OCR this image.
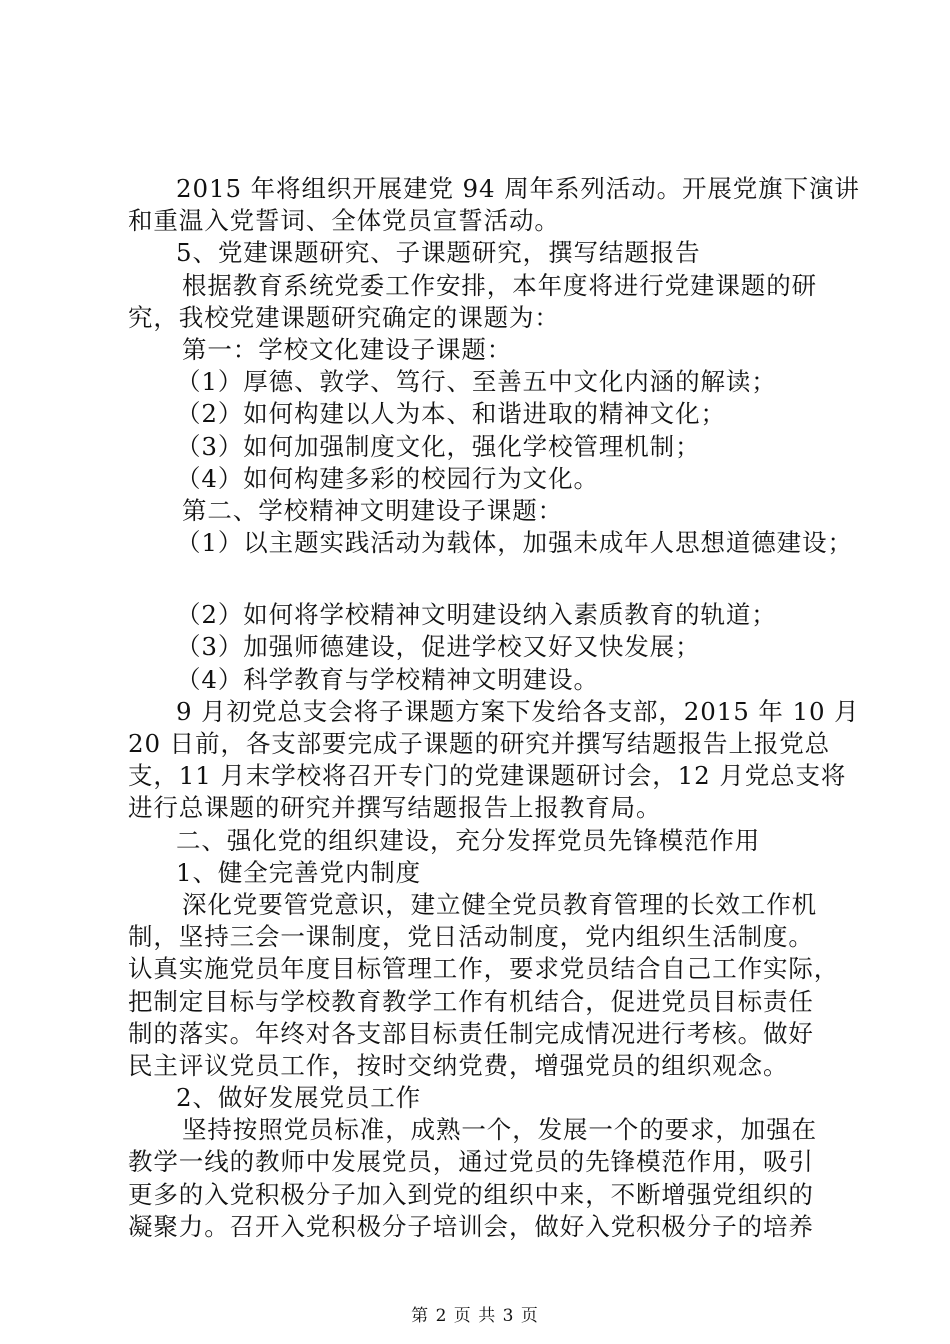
2015 年将组织开展建党 94 周年系列活动。开展党旗下演讲
和重温入党誓词、全体党员宣誓活动。
5、党建课题研究、子课题研究，撰写结题报告
根据教育系统党委工作安排，本年度将进行党建课题的研
究，我校党建课题研究确定的课题为：
第一：学校文化建设子课题：
（1）厚德、敦学、笃行、至善五中文化内涵的解读；
（2）如何构建以人为本、和谐进取的精神文化；
（3）如何加强制度文化，强化学校管理机制；
（4）如何构建多彩的校园行为文化。
第二、学校精神文明建设子课题：
（1）以主题实践活动为载体，加强未成年人思想道德建设；
（2）如何将学校精神文明建设纳入素质教育的轨道；
（3）加强师德建设，促进学校又好又快发展；
（4）科学教育与学校精神文明建设。
9 月初党总支会将子课题方案下发给各支部，2015 年 10 月
20 日前，各支部要完成子课题的研究并撰写结题报告上报党总
支，11 月末学校将召开专门的党建课题研讨会，12 月党总支将
进行总课题的研究并撰写结题报告上报教育局。
二、强化党的组织建设，充分发挥党员先锋模范作用
1、健全完善党内制度
深化党要管党意识，建立健全党员教育管理的长效工作机
制，坚持三会一课制度，党日活动制度，党内组织生活制度。
认真实施党员年度目标管理工作，要求党员结合自己工作实际，
把制定目标与学校教育教学工作有机结合，促进党员目标责任
制的落实。年终对各支部目标责任制完成情况进行考核。做好
民主评议党员工作，按时交纳党费，增强党员的组织观念。
2、做好发展党员工作
坚持按照党员标准，成熟一个，发展一个的要求，加强在
教学一线的教师中发展党员，通过党员的先锋模范作用，吸引
更多的入党积极分子加入到党的组织中来，不断增强党组织的
凝聚力。召开入党积极分子培训会，做好入党积极分子的培养
第 2 页 共 3 页
